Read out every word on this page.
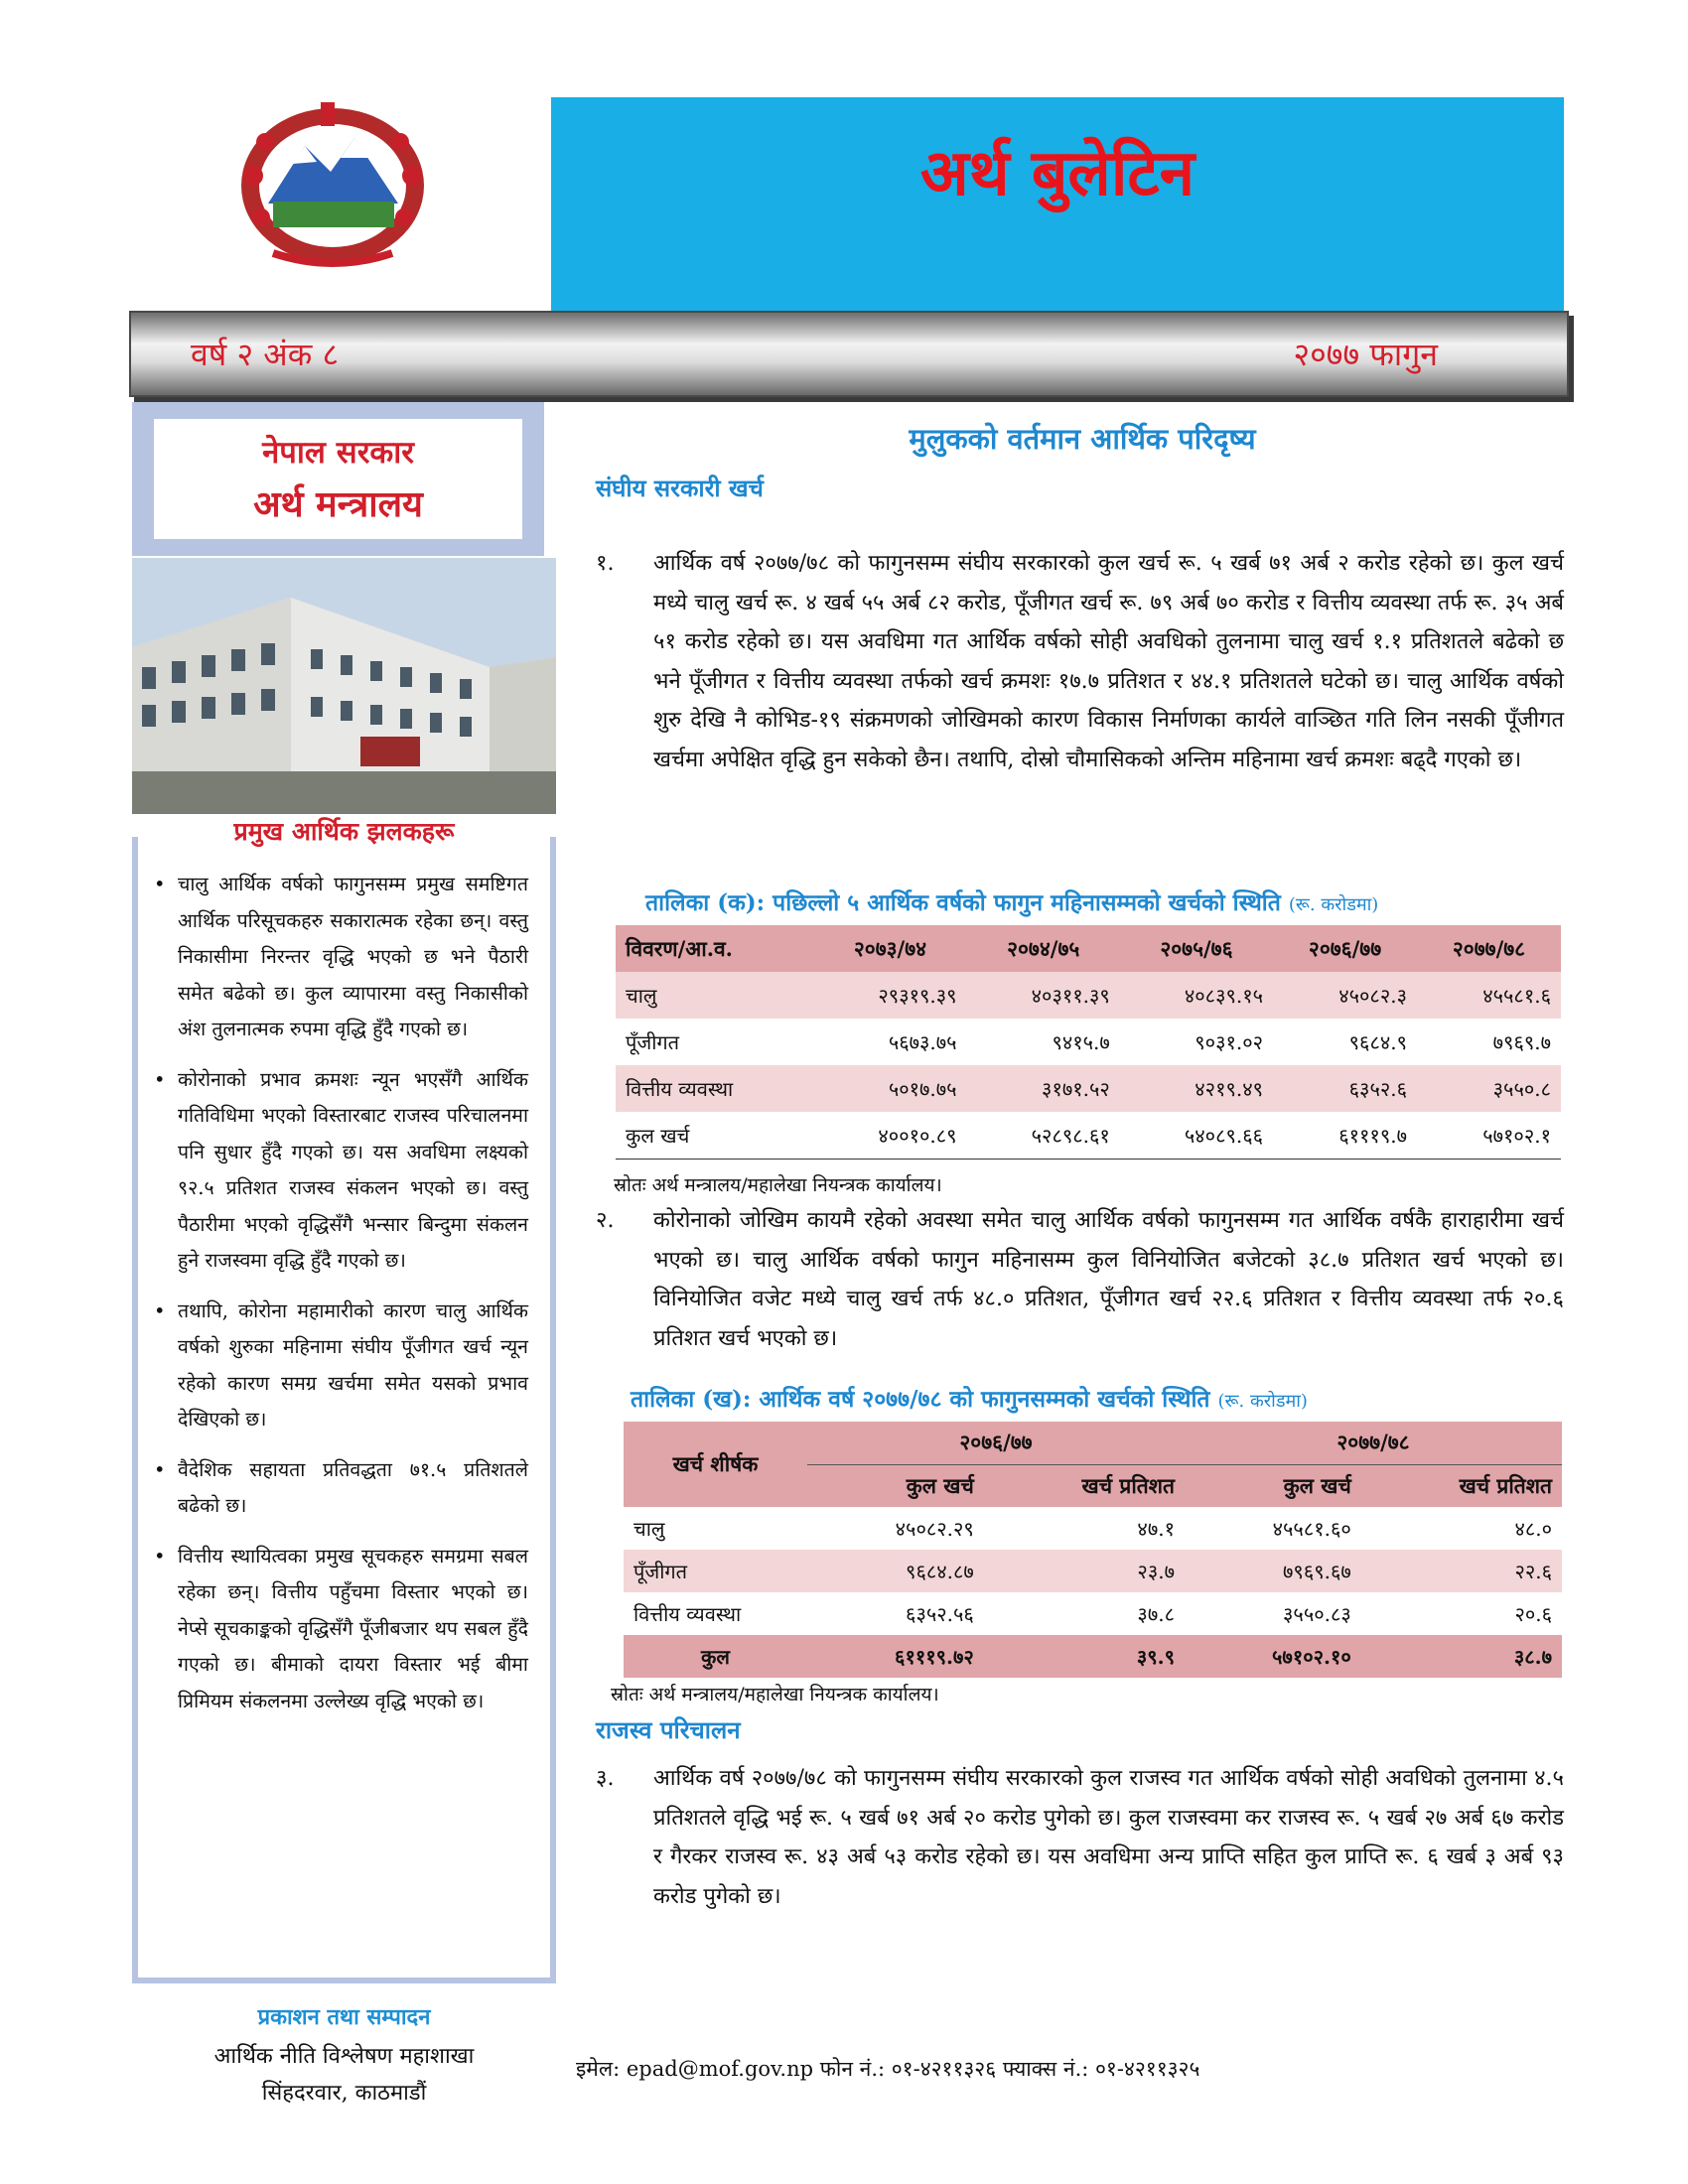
अर्थ बुलेटिन
वर्ष २ अंक ८	२०७७ फागुन
नेपाल सरकार
अर्थ मन्त्रालय
प्रमुख आर्थिक झलकहरू
• चालु आर्थिक वर्षको फागुनसम्म प्रमुख समष्टिगत आर्थिक परिसूचकहरु सकारात्मक रहेका छन्। वस्तु निकासीमा निरन्तर वृद्धि भएको छ भने पैठारी समेत बढेको छ। कुल व्यापारमा वस्तु निकासीको अंश तुलनात्मक रुपमा वृद्धि हुँदै गएको छ।
• कोरोनाको प्रभाव क्रमशः न्यून भएसँगै आर्थिक गतिविधिमा भएको विस्तारबाट राजस्व परिचालनमा पनि सुधार हुँदै गएको छ। यस अवधिमा लक्ष्यको ९२.५ प्रतिशत राजस्व संकलन भएको छ। वस्तु पैठारीमा भएको वृद्धिसँगै भन्सार बिन्दुमा संकलन हुने राजस्वमा वृद्धि हुँदै गएको छ।
• तथापि, कोरोना महामारीको कारण चालु आर्थिक वर्षको शुरुका महिनामा संघीय पूँजीगत खर्च न्यून रहेको कारण समग्र खर्चमा समेत यसको प्रभाव देखिएको छ।
• वैदेशिक सहायता प्रतिवद्धता ७१.५ प्रतिशतले बढेको छ।
• वित्तीय स्थायित्वका प्रमुख सूचकहरु समग्रमा सबल रहेका छन्। वित्तीय पहुँचमा विस्तार भएको छ। नेप्से सूचकाङ्कको वृद्धिसँगै पूँजीबजार थप सबल हुँदै गएको छ। बीमाको दायरा विस्तार भई बीमा प्रिमियम संकलनमा उल्लेख्य वृद्धि भएको छ।
प्रकाशन तथा सम्पादन
आर्थिक नीति विश्लेषण महाशाखा
सिंहदरवार, काठमाडौं
मुलुकको वर्तमान आर्थिक परिदृष्य
संघीय सरकारी खर्च
१.	आर्थिक वर्ष २०७७/७८ को फागुनसम्म संघीय सरकारको कुल खर्च रू. ५ खर्ब ७१ अर्ब २ करोड रहेको छ। कुल खर्च मध्ये चालु खर्च रू. ४ खर्ब ५५ अर्ब ८२ करोड, पूँजीगत खर्च रू. ७९ अर्ब ७० करोड र वित्तीय व्यवस्था तर्फ रू. ३५ अर्ब ५१ करोड रहेको छ। यस अवधिमा गत आर्थिक वर्षको सोही अवधिको तुलनामा चालु खर्च १.१ प्रतिशतले बढेको छ भने पूँजीगत र वित्तीय व्यवस्था तर्फको खर्च क्रमशः १७.७ प्रतिशत र ४४.१ प्रतिशतले घटेको छ। चालु आर्थिक वर्षको शुरु देखि नै कोभिड-१९ संक्रमणको जोखिमको कारण विकास निर्माणका कार्यले वाञ्छित गति लिन नसकी पूँजीगत खर्चमा अपेक्षित वृद्धि हुन सकेको छैन। तथापि, दोस्रो चौमासिकको अन्तिम महिनामा खर्च क्रमशः बढ्दै गएको छ।
तालिका (क): पछिल्लो ५ आर्थिक वर्षको फागुन महिनासम्मको खर्चको स्थिति (रू. करोडमा)
विवरण/आ.व.	२०७३/७४	२०७४/७५	२०७५/७६	२०७६/७७	२०७७/७८
चालु	२९३१९.३९	४०३११.३९	४०८३९.१५	४५०८२.३	४५५८१.६
पूँजीगत	५६७३.७५	९४१५.७	९०३१.०२	९६८४.९	७९६९.७
वित्तीय व्यवस्था	५०१७.७५	३१७१.५२	४२१९.४९	६३५२.६	३५५०.८
कुल खर्च	४००१०.८९	५२८९८.६१	५४०८९.६६	६१११९.७	५७१०२.१
स्रोतः अर्थ मन्त्रालय/महालेखा नियन्त्रक कार्यालय।
२.	कोरोनाको जोखिम कायमै रहेको अवस्था समेत चालु आर्थिक वर्षको फागुनसम्म गत आर्थिक वर्षकै हाराहारीमा खर्च भएको छ। चालु आर्थिक वर्षको फागुन महिनासम्म कुल विनियोजित बजेटको ३८.७ प्रतिशत खर्च भएको छ। विनियोजित वजेट मध्ये चालु खर्च तर्फ ४८.० प्रतिशत, पूँजीगत खर्च २२.६ प्रतिशत र वित्तीय व्यवस्था तर्फ २०.६ प्रतिशत खर्च भएको छ।
तालिका (ख): आर्थिक वर्ष २०७७/७८ को फागुनसम्मको खर्चको स्थिति (रू. करोडमा)
खर्च शीर्षक	२०७६/७७		२०७७/७८	
	कुल खर्च	खर्च प्रतिशत	कुल खर्च	खर्च प्रतिशत
चालु	४५०८२.२९	४७.१	४५५८१.६०	४८.०
पूँजीगत	९६८४.८७	२३.७	७९६९.६७	२२.६
वित्तीय व्यवस्था	६३५२.५६	३७.८	३५५०.८३	२०.६
कुल	६१११९.७२	३९.९	५७१०२.१०	३८.७
स्रोतः अर्थ मन्त्रालय/महालेखा नियन्त्रक कार्यालय।
राजस्व परिचालन
३.	आर्थिक वर्ष २०७७/७८ को फागुनसम्म संघीय सरकारको कुल राजस्व गत आर्थिक वर्षको सोही अवधिको तुलनामा ४.५ प्रतिशतले वृद्धि भई रू. ५ खर्ब ७१ अर्ब २० करोड पुगेको छ। कुल राजस्वमा कर राजस्व रू. ५ खर्ब २७ अर्ब ६७ करोड र गैरकर राजस्व रू. ४३ अर्ब ५३ करोड रहेको छ। यस अवधिमा अन्य प्राप्ति सहित कुल प्राप्ति रू. ६ खर्ब ३ अर्ब ९३ करोड पुगेको छ।
इमेल: epad@mof.gov.np फोन नं.: ०१-४२११३२६ फ्याक्स नं.: ०१-४२११३२५
